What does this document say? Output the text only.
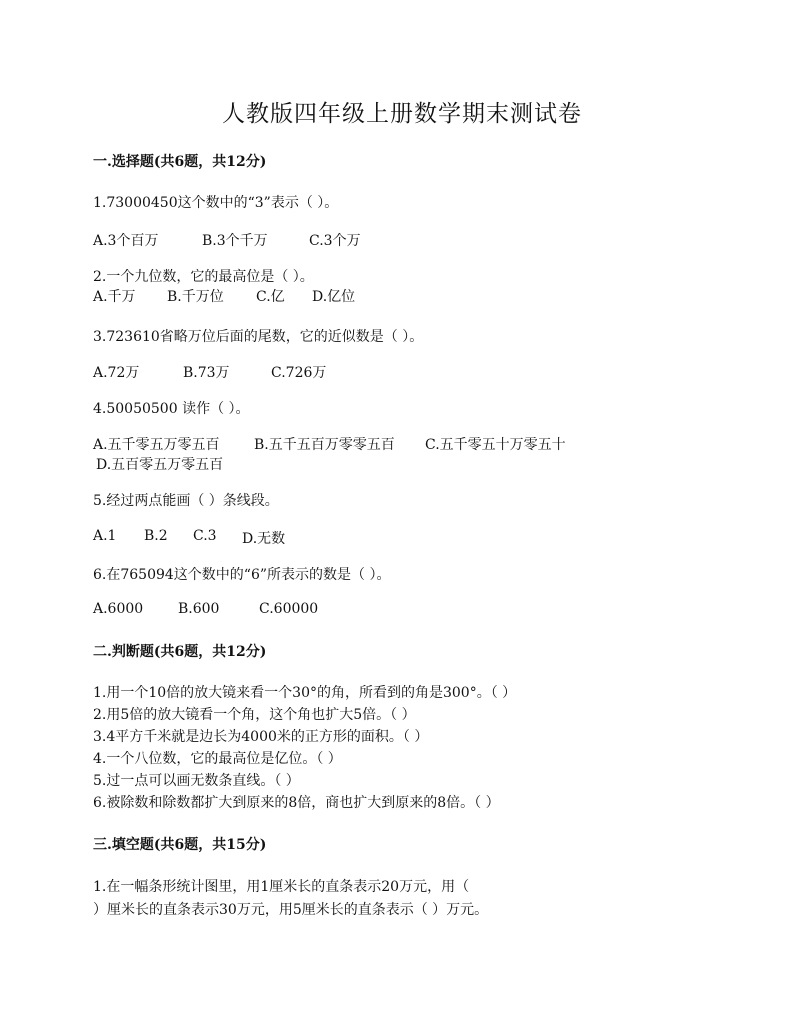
人教版四年级上册数学期末测试卷
一.选择题(共6题，共12分)
1.73000450这个数中的“3”表示（ ）。
A.3个百万	B.3个千万	C.3个万
2.一个九位数，它的最高位是（ ）。
A.千万 B.千万位 C.亿 D.亿位
3.723610省略万位后面的尾数，它的近似数是（ ）。
A.72万	B.73万	C.726万
4.50050500 读作（ ）。
A.五千零五万零五百 B.五千五百万零零五百 C.五千零五十万零五十
D.五百零五万零五百
5.经过两点能画（ ）条线段。
A.1 B.2 C.3 D.无数
6.在765094这个数中的“6”所表示的数是（ ）。
A.6000 B.600	C.60000
二.判断题(共6题，共12分)
1.用一个10倍的放大镜来看一个30°的角，所看到的角是300°。（ ）
2.用5倍的放大镜看一个角，这个角也扩大5倍。（ ）
3.4平方千米就是边长为4000米的正方形的面积。（ ）
4.一个八位数，它的最高位是亿位。（ ）
5.过一点可以画无数条直线。（ ）
6.被除数和除数都扩大到原来的8倍，商也扩大到原来的8倍。（ ）
三.填空题(共6题，共15分)
1.在一幅条形统计图里，用1厘米长的直条表示20万元，用（
）厘米长的直条表示30万元，用5厘米长的直条表示（ ）万元。
